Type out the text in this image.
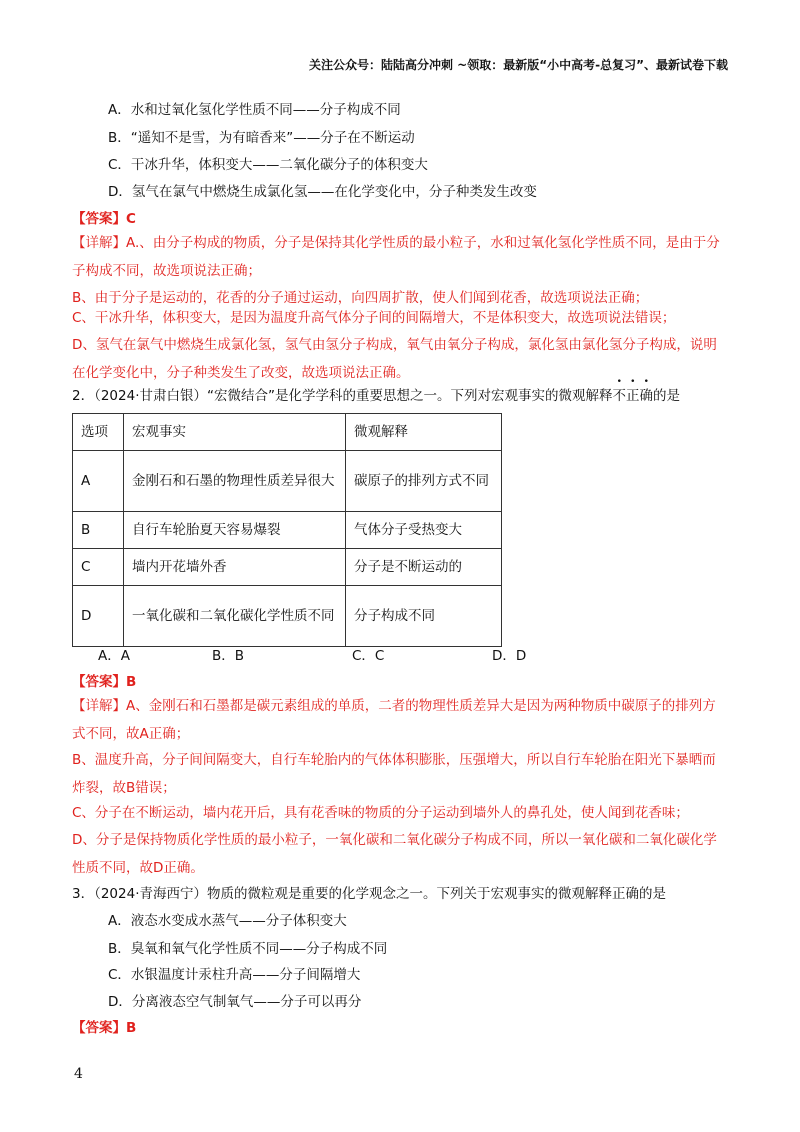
关注公众号：陆陆高分冲刺 ~领取：最新版“小中高考-总复习”、最新试卷下载
A．水和过氧化氢化学性质不同——分子构成不同
B．“遥知不是雪，为有暗香来”——分子在不断运动
C．干冰升华，体积变大——二氧化碳分子的体积变大
D．氢气在氯气中燃烧生成氯化氢——在化学变化中，分子种类发生改变
【答案】C
【详解】A.、由分子构成的物质，分子是保持其化学性质的最小粒子，水和过氧化氢化学性质不同，是由于分子构成不同，故选项说法正确；
B、由于分子是运动的，花香的分子通过运动，向四周扩散，使人们闻到花香，故选项说法正确；
C、干冰升华，体积变大，是因为温度升高气体分子间的间隔增大，不是体积变大，故选项说法错误；
D、氢气在氯气中燃烧生成氯化氢，氢气由氢分子构成，氧气由氧分子构成，氯化氢由氯化氢分子构成，说明在化学变化中，分子种类发生了改变，故选项说法正确。
2．（2024·甘肃白银）“宏微结合”是化学学科的重要思想之一。下列对宏观事实的微观解释不正确的是
选项	宏观事实	微观解释
A	金刚石和石墨的物理性质差异很大	碳原子的排列方式不同
B	自行车轮胎夏天容易爆裂	气体分子受热变大
C	墙内开花墙外香	分子是不断运动的
D	一氧化碳和二氧化碳化学性质不同	分子构成不同
A．A	B．B	C．C	D．D
【答案】B
【详解】A、金刚石和石墨都是碳元素组成的单质，二者的物理性质差异大是因为两种物质中碳原子的排列方式不同，故A正确；
B、温度升高，分子间间隔变大，自行车轮胎内的气体体积膨胀，压强增大，所以自行车轮胎在阳光下暴晒而炸裂，故B错误；
C、分子在不断运动，墙内花开后，具有花香味的物质的分子运动到墙外人的鼻孔处，使人闻到花香味；
D、分子是保持物质化学性质的最小粒子，一氧化碳和二氧化碳分子构成不同，所以一氧化碳和二氧化碳化学性质不同，故D正确。
3．（2024·青海西宁）物质的微粒观是重要的化学观念之一。下列关于宏观事实的微观解释正确的是
A．液态水变成水蒸气——分子体积变大
B．臭氧和氧气化学性质不同——分子构成不同
C．水银温度计汞柱升高——分子间隔增大
D．分离液态空气制氧气——分子可以再分
【答案】B
4
